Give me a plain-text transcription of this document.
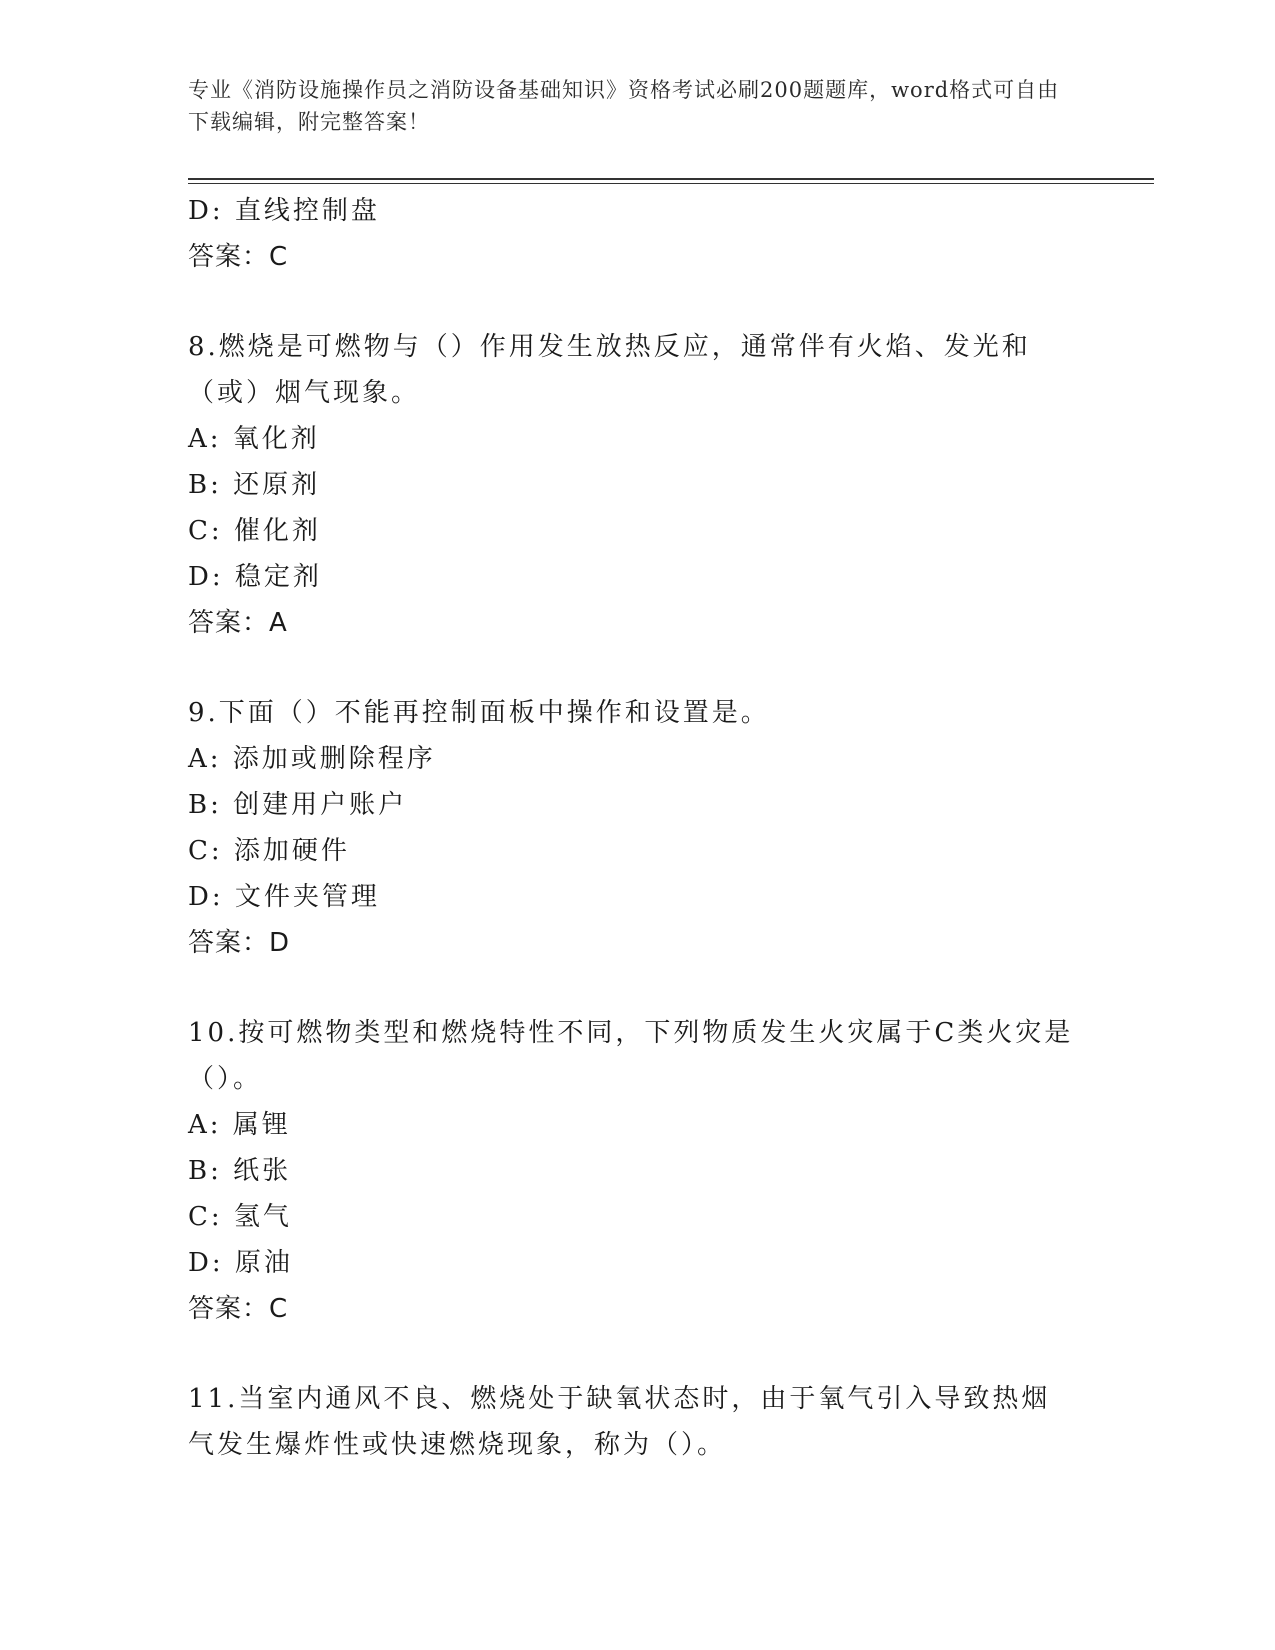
专业《消防设施操作员之消防设备基础知识》资格考试必刷200题题库，word格式可自由下载编辑，附完整答案！
D: 直线控制盘
答案：C
8.燃烧是可燃物与（）作用发生放热反应，通常伴有火焰、发光和（或）烟气现象。
A: 氧化剂
B: 还原剂
C: 催化剂
D: 稳定剂
答案：A
9.下面（）不能再控制面板中操作和设置是。
A: 添加或删除程序
B: 创建用户账户
C: 添加硬件
D: 文件夹管理
答案：D
10.按可燃物类型和燃烧特性不同，下列物质发生火灾属于C类火灾是（）。
A: 属锂
B: 纸张
C: 氢气
D: 原油
答案：C
11.当室内通风不良、燃烧处于缺氧状态时，由于氧气引入导致热烟气发生爆炸性或快速燃烧现象，称为（）。
